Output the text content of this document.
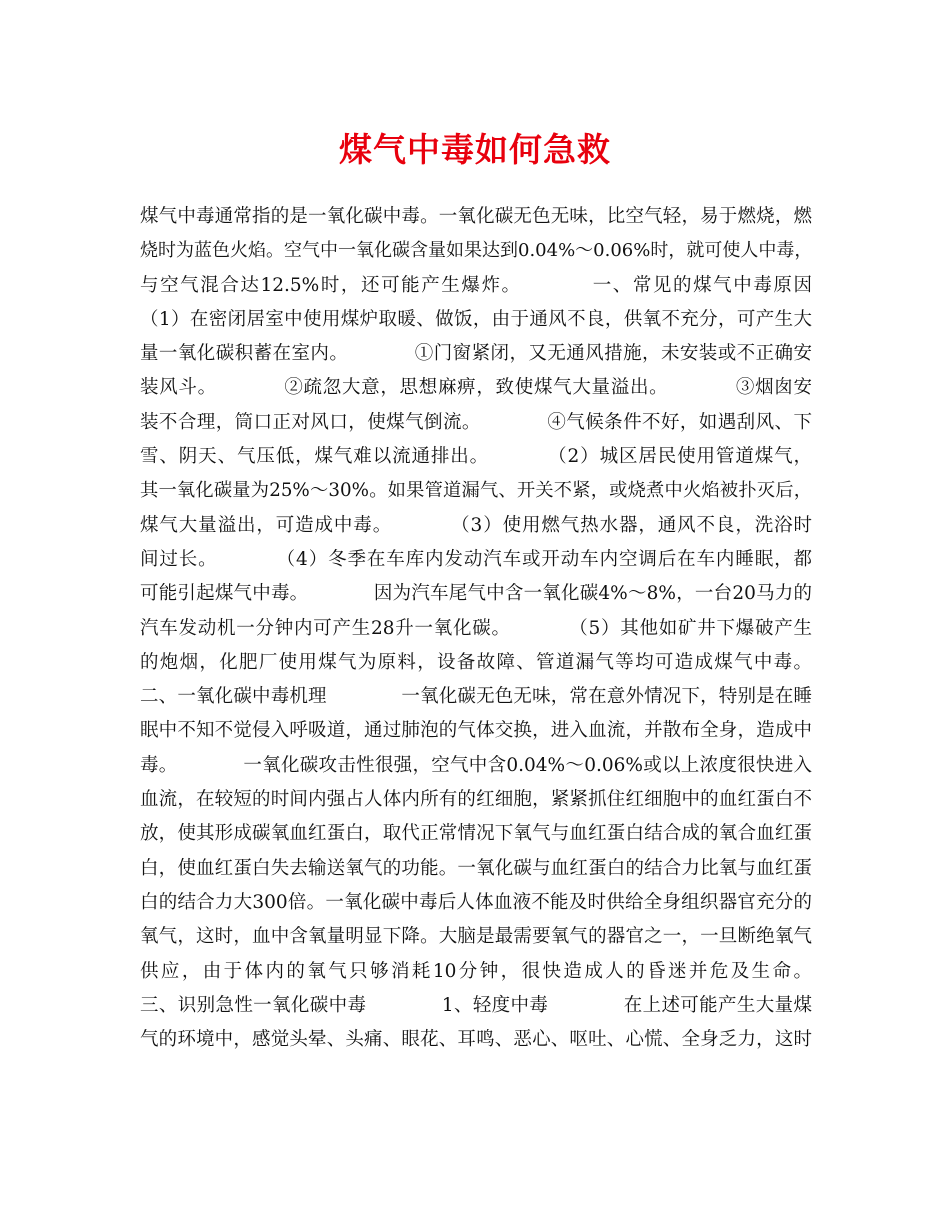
煤气中毒如何急救
煤气中毒通常指的是一氧化碳中毒。一氧化碳无色无味，比空气轻，易于燃烧，燃
烧时为蓝色火焰。空气中一氧化碳含量如果达到0.04%～0.06%时，就可使人中毒，
与空气混合达12.5%时，还可能产生爆炸。　　　　一、常见的煤气中毒原因
（1）在密闭居室中使用煤炉取暖、做饭，由于通风不良，供氧不充分，可产生大
量一氧化碳积蓄在室内。　　　　①门窗紧闭，又无通风措施，未安装或不正确安
装风斗。　　　　②疏忽大意，思想麻痹，致使煤气大量溢出。　　　　③烟囱安
装不合理，筒口正对风口，使煤气倒流。　　　　④气候条件不好，如遇刮风、下
雪、阴天、气压低，煤气难以流通排出。　　　　（2）城区居民使用管道煤气，
其一氧化碳量为25%～30%。如果管道漏气、开关不紧，或烧煮中火焰被扑灭后，
煤气大量溢出，可造成中毒。　　　　（3）使用燃气热水器，通风不良，洗浴时
间过长。　　　　（4）冬季在车库内发动汽车或开动车内空调后在车内睡眠，都
可能引起煤气中毒。　　　　因为汽车尾气中含一氧化碳4%～8%，一台20马力的
汽车发动机一分钟内可产生28升一氧化碳。　　　　（5）其他如矿井下爆破产生
的炮烟，化肥厂使用煤气为原料，设备故障、管道漏气等均可造成煤气中毒。
二、一氧化碳中毒机理　　　　一氧化碳无色无味，常在意外情况下，特别是在睡
眠中不知不觉侵入呼吸道，通过肺泡的气体交换，进入血流，并散布全身，造成中
毒。　　　　一氧化碳攻击性很强，空气中含0.04%～0.06%或以上浓度很快进入
血流，在较短的时间内强占人体内所有的红细胞，紧紧抓住红细胞中的血红蛋白不
放，使其形成碳氧血红蛋白，取代正常情况下氧气与血红蛋白结合成的氧合血红蛋
白，使血红蛋白失去输送氧气的功能。一氧化碳与血红蛋白的结合力比氧与血红蛋
白的结合力大300倍。一氧化碳中毒后人体血液不能及时供给全身组织器官充分的
氧气，这时，血中含氧量明显下降。大脑是最需要氧气的器官之一，一旦断绝氧气
供应，由于体内的氧气只够消耗10分钟，很快造成人的昏迷并危及生命。
三、识别急性一氧化碳中毒　　　　1、轻度中毒　　　　在上述可能产生大量煤
气的环境中，感觉头晕、头痛、眼花、耳鸣、恶心、呕吐、心慌、全身乏力，这时
